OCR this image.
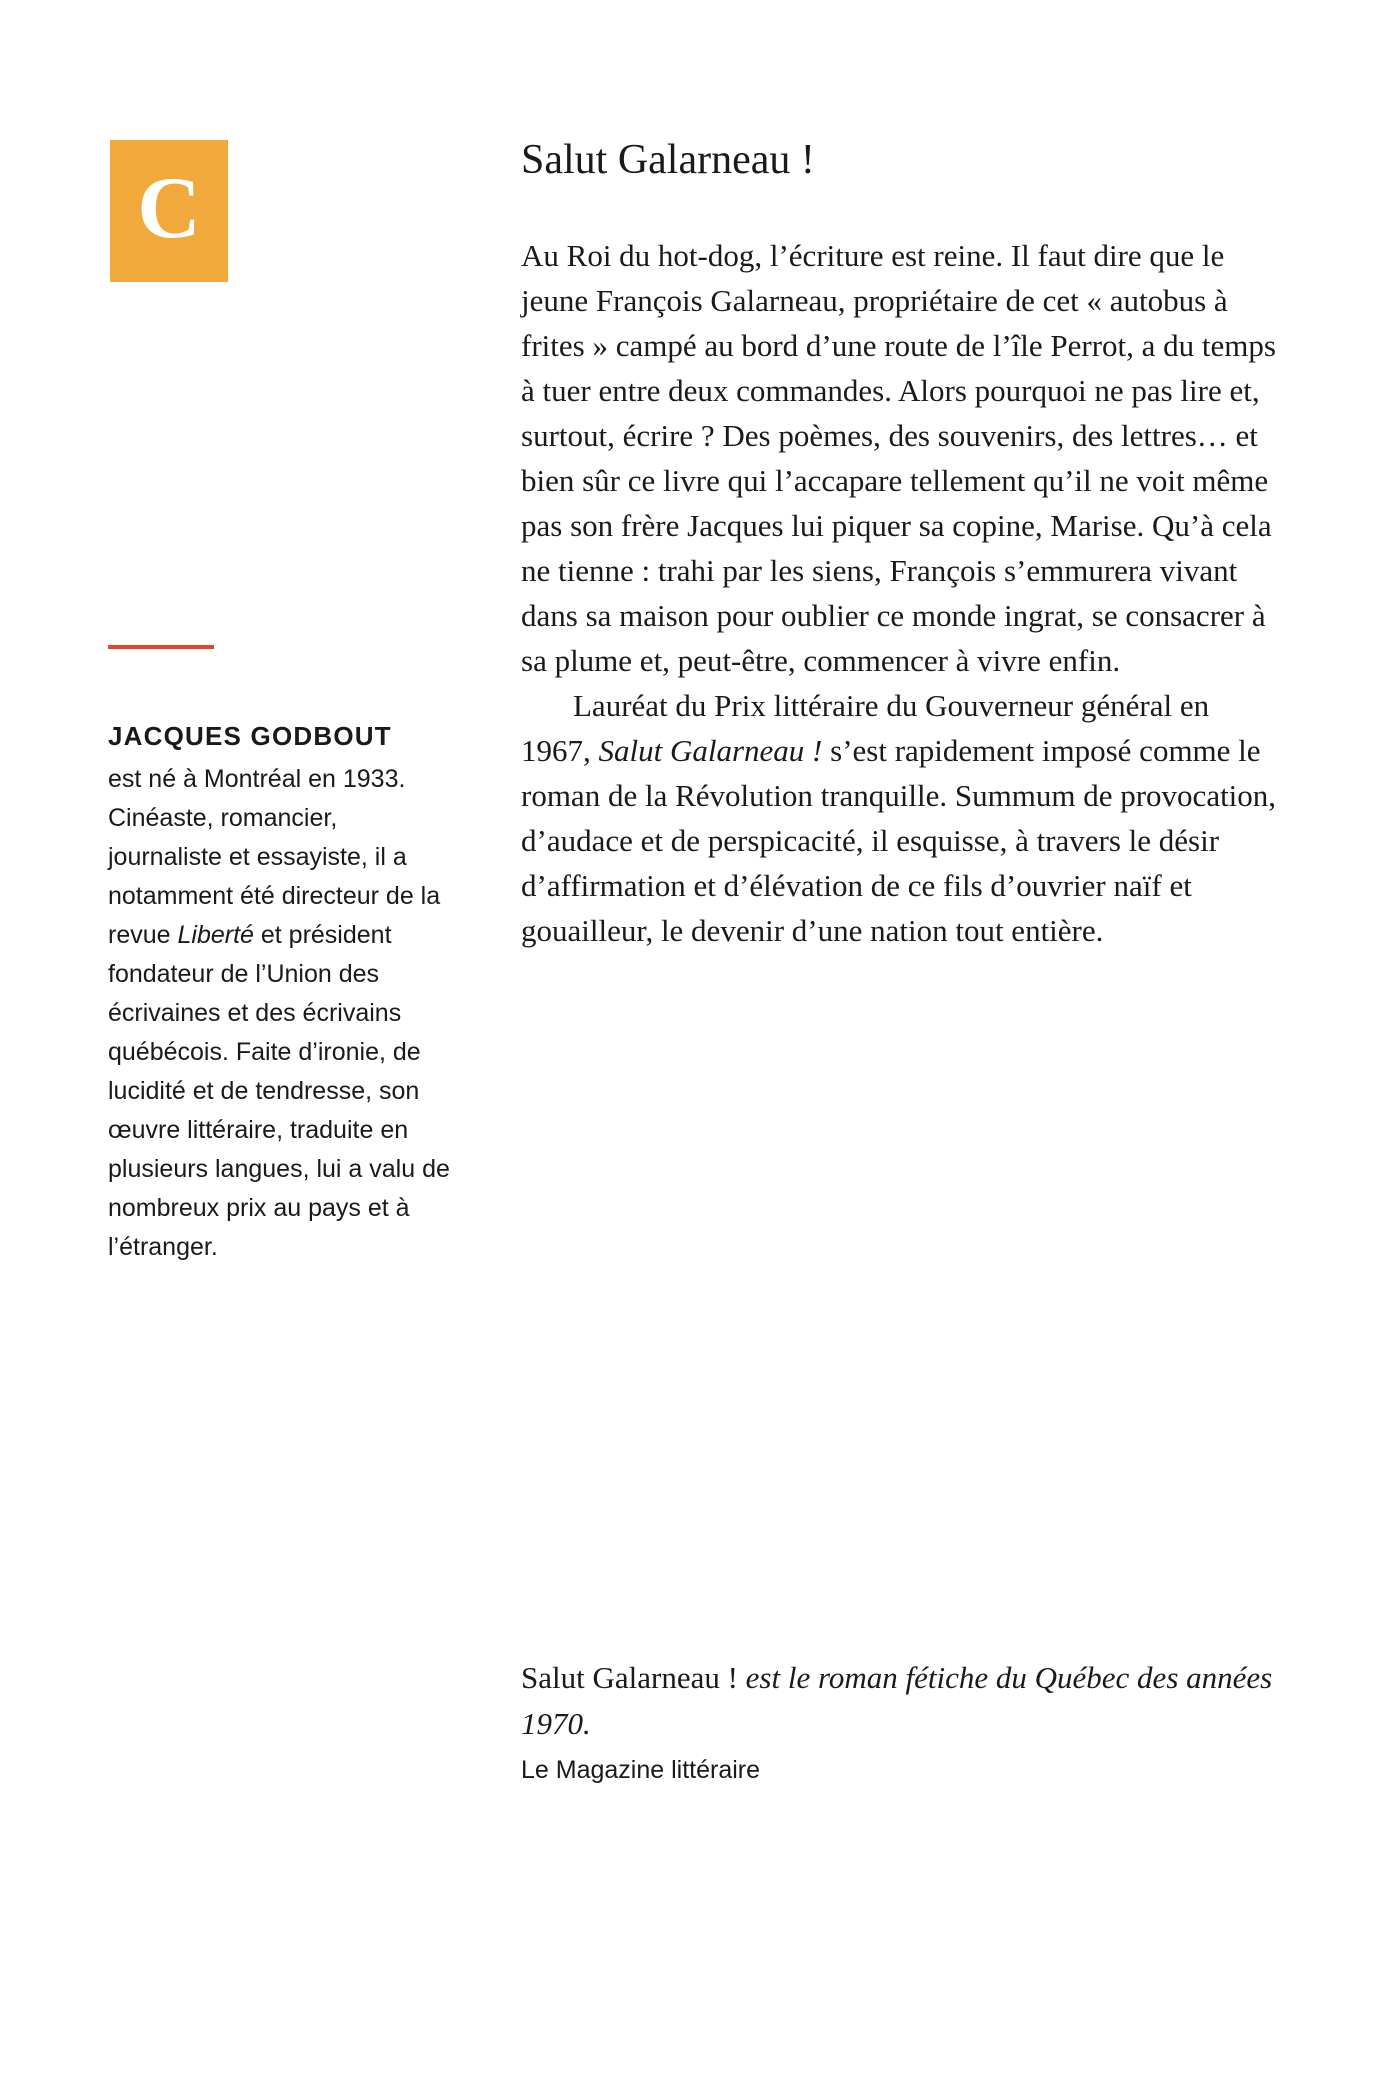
C
JACQUES GODBOUT
est né à Montréal en 1933. Cinéaste, romancier, journaliste et essayiste, il a notamment été directeur de la revue Liberté et président fondateur de l’Union des écrivaines et des écrivains québécois. Faite d’ironie, de lucidité et de tendresse, son œuvre littéraire, traduite en plusieurs langues, lui a valu de nombreux prix au pays et à l’étranger.
Salut Galarneau !

Au Roi du hot-dog, l’écriture est reine. Il faut dire que le jeune François Galarneau, propriétaire de cet « autobus à frites » campé au bord d’une route de l’île Perrot, a du temps à tuer entre deux commandes. Alors pourquoi ne pas lire et, surtout, écrire ? Des poèmes, des souvenirs, des lettres… et bien sûr ce livre qui l’accapare tellement qu’il ne voit même pas son frère Jacques lui piquer sa copine, Marise. Qu’à cela ne tienne : trahi par les siens, François s’emmurera vivant dans sa maison pour oublier ce monde ingrat, se consacrer à sa plume et, peut-être, commencer à vivre enfin.

Lauréat du Prix littéraire du Gouverneur général en 1967, Salut Galarneau ! s’est rapidement imposé comme le roman de la Révolution tranquille. Summum de provocation, d’audace et de perspicacité, il esquisse, à travers le désir d’affirmation et d’élévation de ce fils d’ouvrier naïf et gouailleur, le devenir d’une nation tout entière.

Salut Galarneau ! est le roman fétiche du Québec des années 1970.

Le Magazine littéraire
